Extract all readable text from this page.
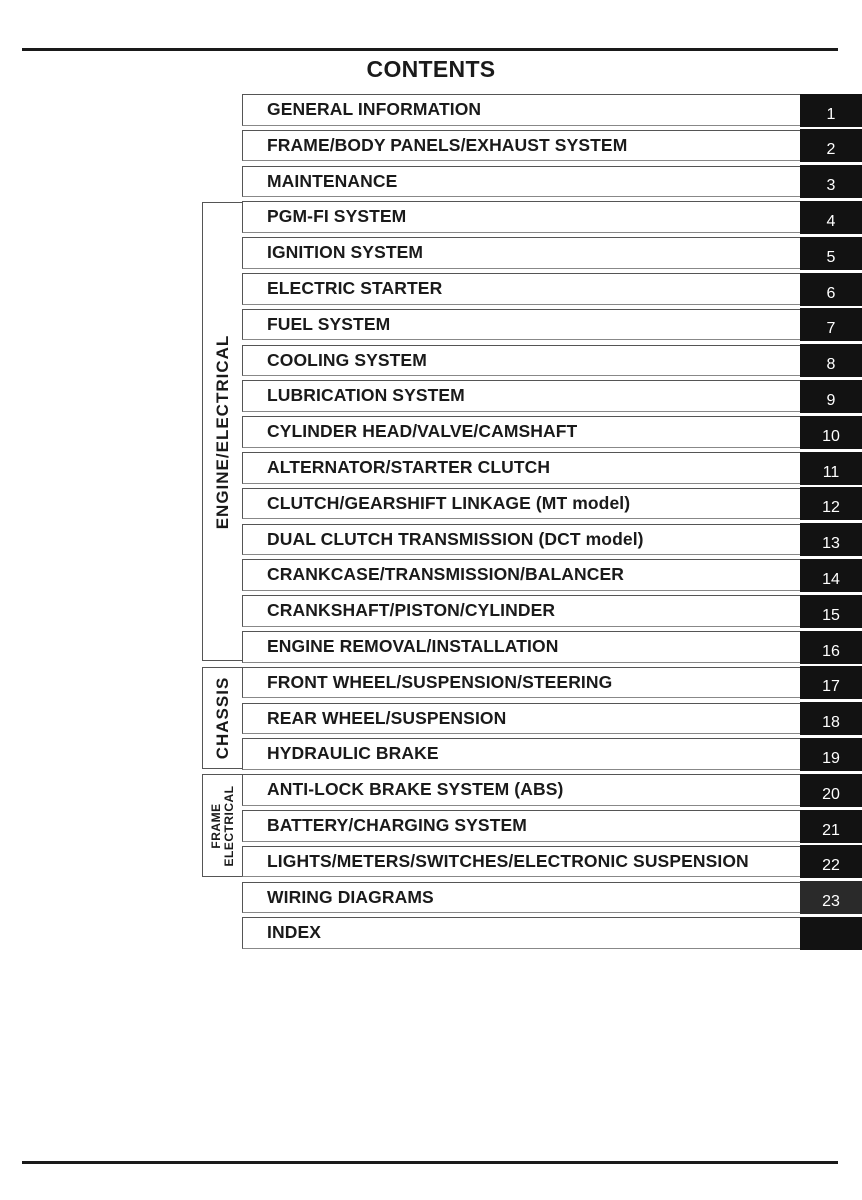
CONTENTS
ENGINE/ELECTRICAL
CHASSIS
FRAME ELECTRICAL
GENERAL INFORMATION	1
FRAME/BODY PANELS/EXHAUST SYSTEM	2
MAINTENANCE	3
PGM-FI SYSTEM	4
IGNITION SYSTEM	5
ELECTRIC STARTER	6
FUEL SYSTEM	7
COOLING SYSTEM	8
LUBRICATION SYSTEM	9
CYLINDER HEAD/VALVE/CAMSHAFT	10
ALTERNATOR/STARTER CLUTCH	11
CLUTCH/GEARSHIFT LINKAGE (MT model)	12
DUAL CLUTCH TRANSMISSION (DCT model)	13
CRANKCASE/TRANSMISSION/BALANCER	14
CRANKSHAFT/PISTON/CYLINDER	15
ENGINE REMOVAL/INSTALLATION	16
FRONT WHEEL/SUSPENSION/STEERING	17
REAR WHEEL/SUSPENSION	18
HYDRAULIC BRAKE	19
ANTI-LOCK BRAKE SYSTEM (ABS)	20
BATTERY/CHARGING SYSTEM	21
LIGHTS/METERS/SWITCHES/ELECTRONIC SUSPENSION	22
WIRING DIAGRAMS	23
INDEX
